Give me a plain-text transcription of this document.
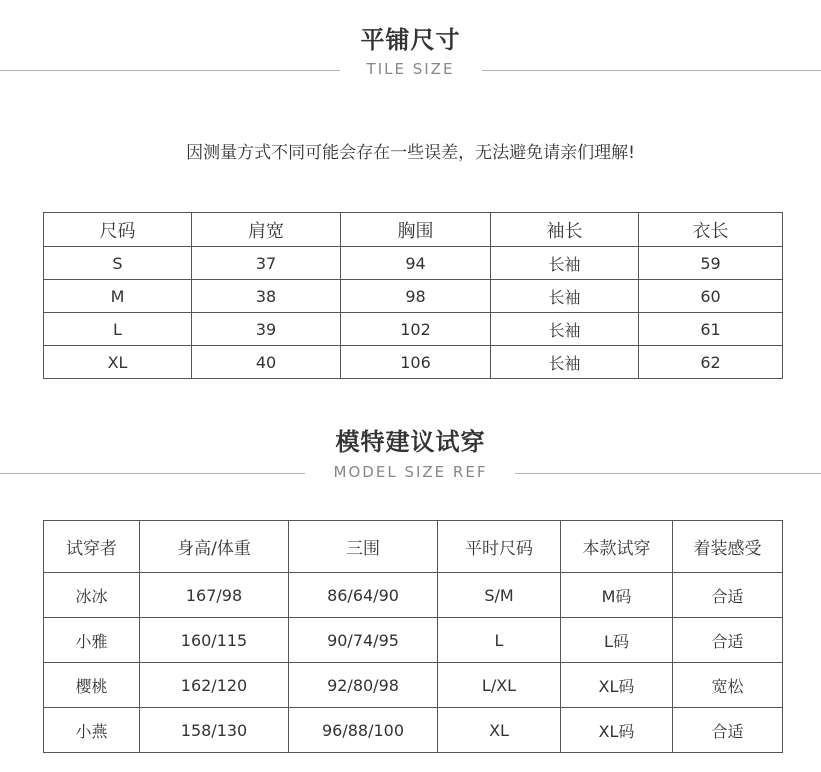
平铺尺寸
TILE SIZE
因测量方式不同可能会存在一些误差，无法避免请亲们理解!
尺码	肩宽	胸围	袖长	衣长
S	37	94	长袖	59
M	38	98	长袖	60
L	39	102	长袖	61
XL	40	106	长袖	62
模特建议试穿
MODEL SIZE REF
试穿者	身高/体重	三围	平时尺码	本款试穿	着装感受
冰冰	167/98	86/64/90	S/M	M码	合适
小雅	160/115	90/74/95	L	L码	合适
樱桃	162/120	92/80/98	L/XL	XL码	宽松
小燕	158/130	96/88/100	XL	XL码	合适
